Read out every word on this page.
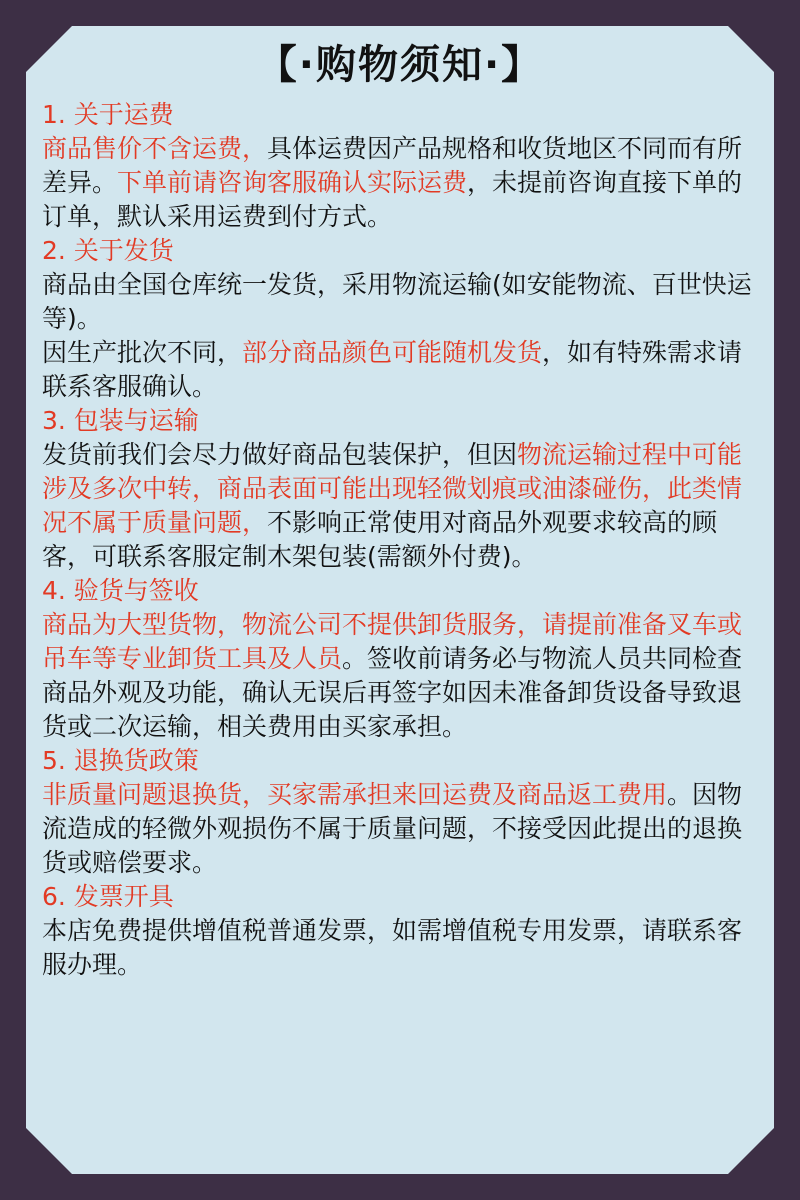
【·购物须知·】
1. 关于运费
商品售价不含运费，具体运费因产品规格和收货地区不同而有所差异。下单前请咨询客服确认实际运费，未提前咨询直接下单的订单，默认采用运费到付方式。
2. 关于发货
商品由全国仓库统一发货，采用物流运输(如安能物流、百世快运等)。
因生产批次不同，部分商品颜色可能随机发货，如有特殊需求请联系客服确认。
3. 包装与运输
发货前我们会尽力做好商品包装保护，但因物流运输过程中可能涉及多次中转，商品表面可能出现轻微划痕或油漆碰伤，此类情况不属于质量问题，不影响正常使用对商品外观要求较高的顾客，可联系客服定制木架包装(需额外付费)。
4. 验货与签收
商品为大型货物，物流公司不提供卸货服务，请提前准备叉车或吊车等专业卸货工具及人员。签收前请务必与物流人员共同检查商品外观及功能，确认无误后再签字如因未准备卸货设备导致退货或二次运输，相关费用由买家承担。
5. 退换货政策
非质量问题退换货，买家需承担来回运费及商品返工费用。因物流造成的轻微外观损伤不属于质量问题，不接受因此提出的退换货或赔偿要求。
6. 发票开具
本店免费提供增值税普通发票，如需增值税专用发票，请联系客服办理。
